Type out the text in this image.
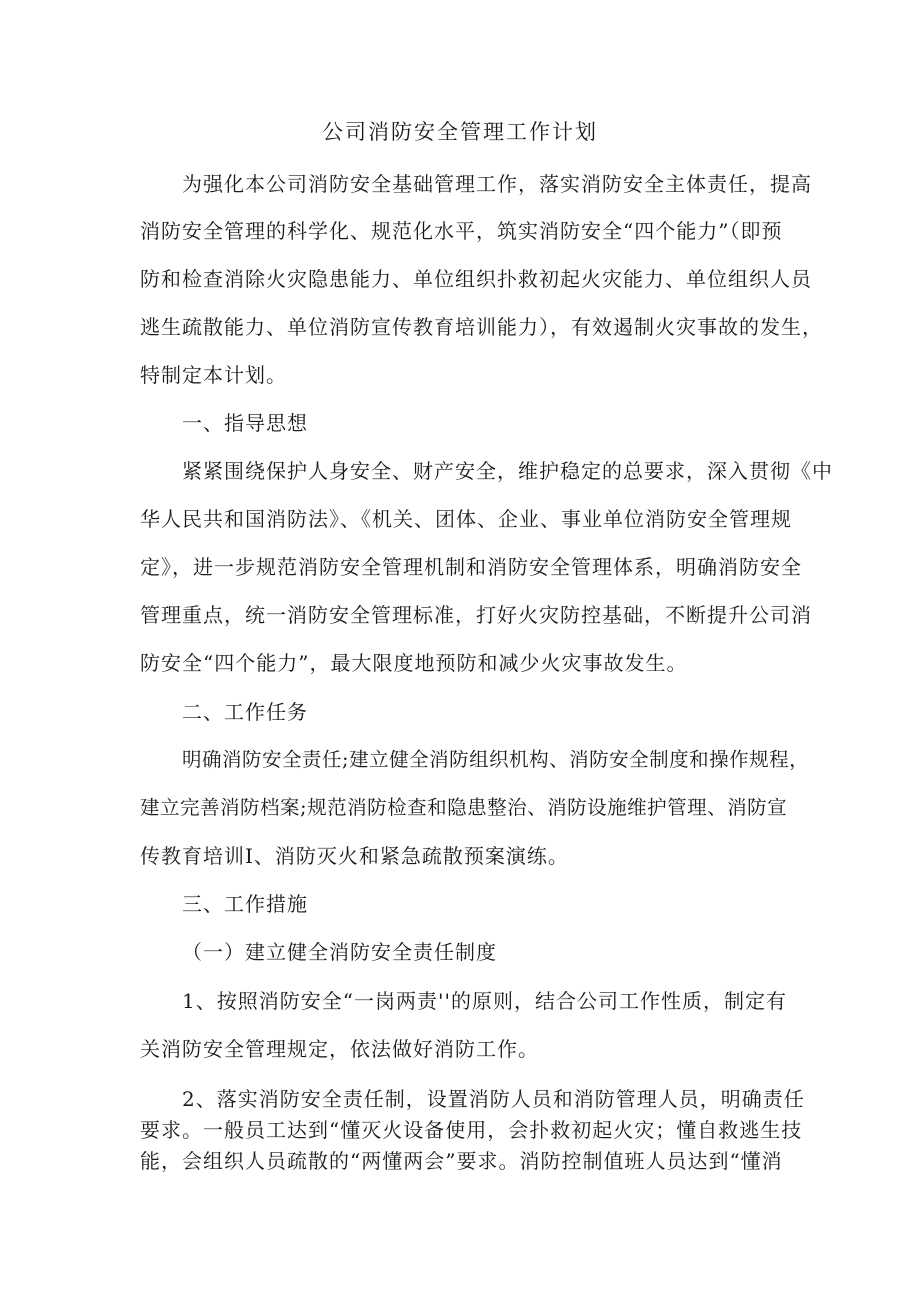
公司消防安全管理工作计划
为强化本公司消防安全基础管理工作，落实消防安全主体责任，提高
消防安全管理的科学化、规范化水平，筑实消防安全“四个能力”（即预
防和检查消除火灾隐患能力、单位组织扑救初起火灾能力、单位组织人员
逃生疏散能力、单位消防宣传教育培训能力），有效遏制火灾事故的发生，
特制定本计划。
一、指导思想
紧紧围绕保护人身安全、财产安全，维护稳定的总要求，深入贯彻《中
华人民共和国消防法》、《机关、团体、企业、事业单位消防安全管理规
定》，进一步规范消防安全管理机制和消防安全管理体系，明确消防安全
管理重点，统一消防安全管理标准，打好火灾防控基础，不断提升公司消
防安全“四个能力”，最大限度地预防和减少火灾事故发生。
二、工作任务
明确消防安全责任;建立健全消防组织机构、消防安全制度和操作规程，
建立完善消防档案;规范消防检查和隐患整治、消防设施维护管理、消防宣
传教育培训I、消防灭火和紧急疏散预案演练。
三、工作措施
（一）建立健全消防安全责任制度
1、按照消防安全“一岗两责''的原则，结合公司工作性质，制定有
关消防安全管理规定，依法做好消防工作。
2、落实消防安全责任制，设置消防人员和消防管理人员，明确责任
要求。一般员工达到“懂灭火设备使用，会扑救初起火灾；懂自救逃生技
能，会组织人员疏散的“两懂两会”要求。消防控制值班人员达到“懂消
